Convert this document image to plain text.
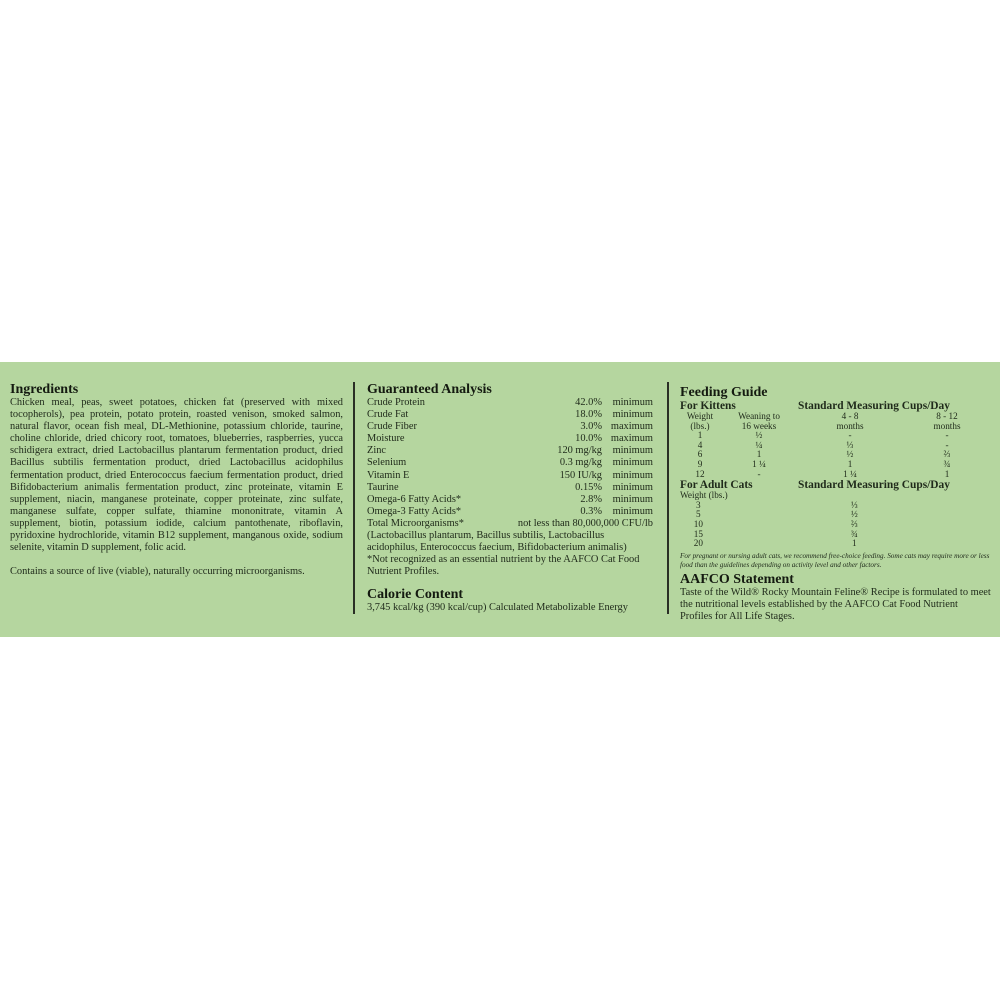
Ingredients

Chicken meal, peas, sweet potatoes, chicken fat (preserved with mixed tocopherols), pea protein, potato protein, roasted venison, smoked salmon, natural flavor, ocean fish meal, DL-Methionine, potassium chloride, taurine, choline chloride, dried chicory root, tomatoes, blueberries, raspberries, yucca schidigera extract, dried Lactobacillus plantarum fermentation product, dried Bacillus subtilis fermentation product, dried Lactobacillus acidophilus fermentation product, dried Enterococcus faecium fermentation product, dried Bifidobacterium animalis fermentation product, zinc proteinate, vitamin E supplement, niacin, manganese proteinate, copper proteinate, zinc sulfate, manganese sulfate, copper sulfate, thiamine mononitrate, vitamin A supplement, biotin, potassium iodide, calcium pantothenate, riboflavin, pyridoxine hydrochloride, vitamin B12 supplement, manganous oxide, sodium selenite, vitamin D supplement, folic acid.

Contains a source of live (viable), naturally occurring microorganisms.

Guaranteed Analysis
Crude Protein	42.0%	minimum
Crude Fat	18.0%	minimum
Crude Fiber	3.0% maximum
Moisture	10.0% maximum
Zinc	120 mg/kg	minimum
Selenium	0.3 mg/kg	minimum
Vitamin E	150 IU/kg	minimum
Taurine	0.15%	minimum
Omega-6 Fatty Acids*	2.8%	minimum
Omega-3 Fatty Acids*	0.3%	minimum
Total Microorganisms*	not less than 80,000,000 CFU/lb

(Lactobacillus plantarum, Bacillus subtilis, Lactobacillus acidophilus, Enterococcus faecium, Bifidobacterium animalis)

*Not recognized as an essential nutrient by the AAFCO Cat Food Nutrient Profiles.

Calorie Content

3,745 kcal/kg (390 kcal/cup) Calculated Metabolizable Energy

Feeding Guide
For Kittens	Standard Measuring Cups/Day
Weight	Weaning to	4 - 8	8 - 12
(lbs.)	16 weeks	months	months
1	½	-	-
4	¼	⅓	-
6	1	½	⅔
9	1 ¼	1	¾
12	-	1 ¼	1
For Adult Cats	Standard Measuring Cups/Day
Weight (lbs.)
3	⅓
5	½
10	⅔
15	¾
20	1

For pregnant or nursing adult cats, we recommend free-choice feeding. Some cats may require more or less food than the guidelines depending on activity level and other factors.

AAFCO Statement

Taste of the Wild® Rocky Mountain Feline® Recipe is formulated to meet the nutritional levels established by the AAFCO Cat Food Nutrient Profiles for All Life Stages.
